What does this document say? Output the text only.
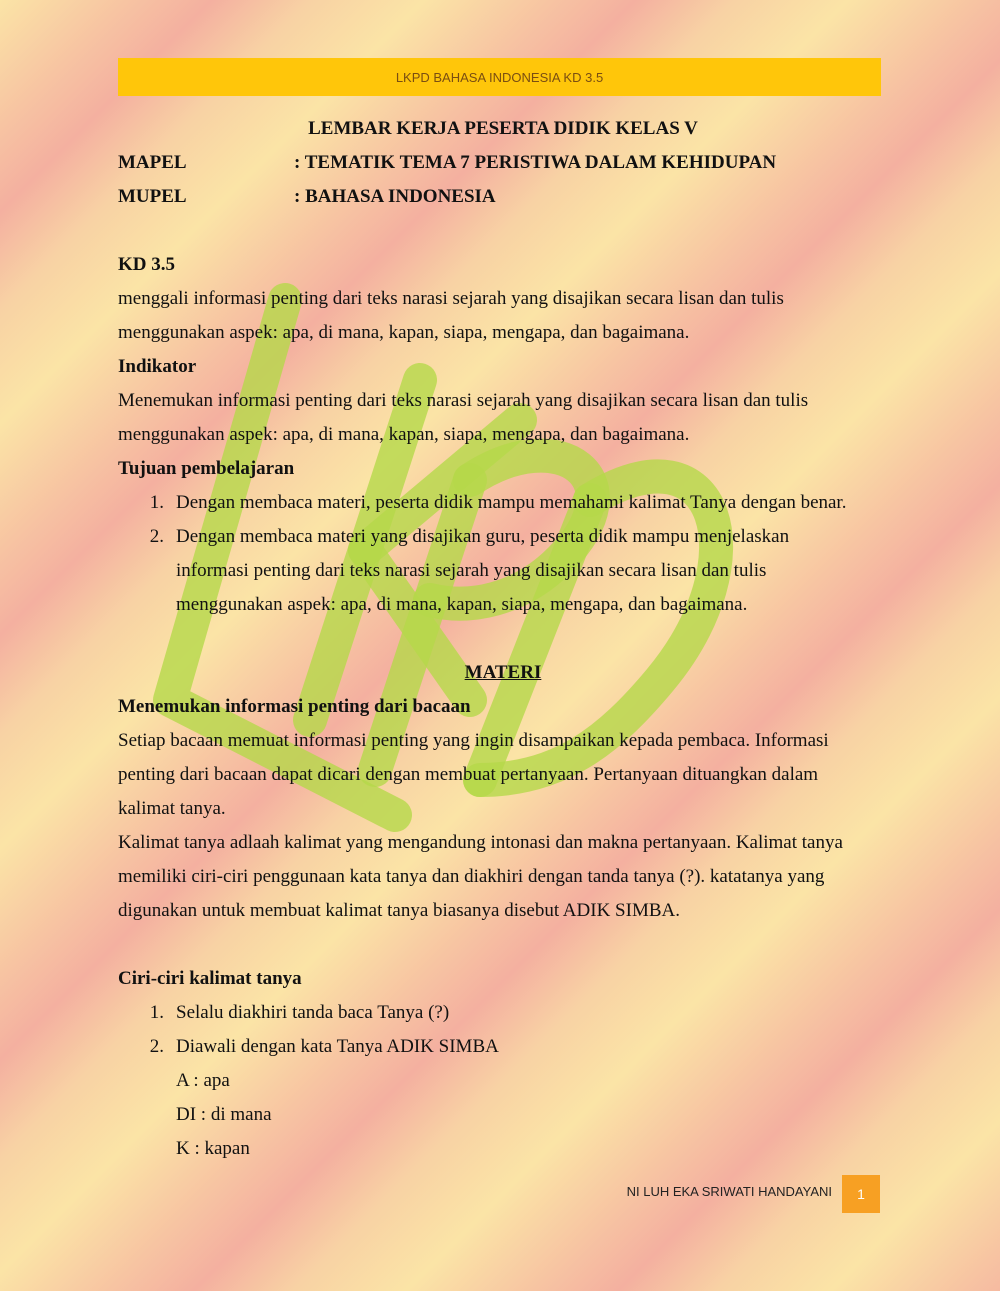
LKPD BAHASA INDONESIA KD 3.5
LEMBAR KERJA PESERTA DIDIK KELAS V
MAPEL	: TEMATIK TEMA 7 PERISTIWA DALAM KEHIDUPAN
MUPEL	: BAHASA INDONESIA
KD 3.5
menggali informasi penting dari teks narasi sejarah yang disajikan secara lisan dan tulis
menggunakan aspek: apa, di mana, kapan, siapa, mengapa, dan bagaimana.
Indikator
Menemukan informasi penting dari teks narasi sejarah yang disajikan secara lisan dan tulis
menggunakan aspek: apa, di mana, kapan, siapa, mengapa, dan bagaimana.
Tujuan pembelajaran
1. Dengan membaca materi, peserta didik mampu memahami kalimat Tanya dengan benar.
2. Dengan membaca materi yang disajikan guru, peserta didik mampu menjelaskan
informasi penting dari teks narasi sejarah yang disajikan secara lisan dan tulis
menggunakan aspek: apa, di mana, kapan, siapa, mengapa, dan bagaimana.
MATERI
Menemukan informasi penting dari bacaan
Setiap bacaan memuat informasi penting yang ingin disampaikan kepada pembaca. Informasi
penting dari bacaan dapat dicari dengan membuat pertanyaan. Pertanyaan dituangkan dalam
kalimat tanya.
Kalimat tanya adlaah kalimat yang mengandung intonasi dan makna pertanyaan. Kalimat tanya
memiliki ciri-ciri penggunaan kata tanya dan diakhiri dengan tanda tanya (?). katatanya yang
digunakan untuk membuat kalimat tanya biasanya disebut ADIK SIMBA.
Ciri-ciri kalimat tanya
1. Selalu diakhiri tanda baca Tanya (?)
2. Diawali dengan kata Tanya ADIK SIMBA
A : apa
DI : di mana
K : kapan
NI LUH EKA SRIWATI HANDAYANI 1
